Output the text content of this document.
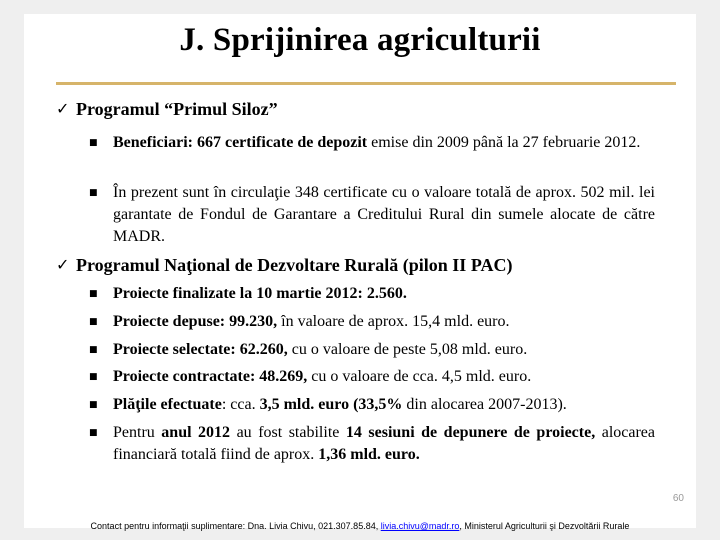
J. Sprijinirea agriculturii
✓ Programul “Primul Siloz”
■ Beneficiari: 667 certificate de depozit emise din 2009 până la 27 februarie 2012.
■ În prezent sunt în circulaţie 348 certificate cu o valoare totală de aprox. 502 mil. lei garantate de Fondul de Garantare a Creditului Rural din sumele alocate de către MADR.
✓ Programul Naţional de Dezvoltare Rurală (pilon II PAC)
■ Proiecte finalizate la 10 martie 2012: 2.560.
■ Proiecte depuse: 99.230, în valoare de aprox. 15,4 mld. euro.
■ Proiecte selectate: 62.260, cu o valoare de peste 5,08 mld. euro.
■ Proiecte contractate: 48.269, cu o valoare de cca. 4,5 mld. euro.
■ Plăţile efectuate: cca. 3,5 mld. euro (33,5% din alocarea 2007-2013).
■ Pentru anul 2012 au fost stabilite 14 sesiuni de depunere de proiecte, alocarea financiară totală fiind de aprox. 1,36 mld. euro.
60
Contact pentru informaţii suplimentare: Dna. Livia Chivu, 021.307.85.84, livia.chivu@madr.ro, Ministerul Agriculturii şi Dezvoltării Rurale
